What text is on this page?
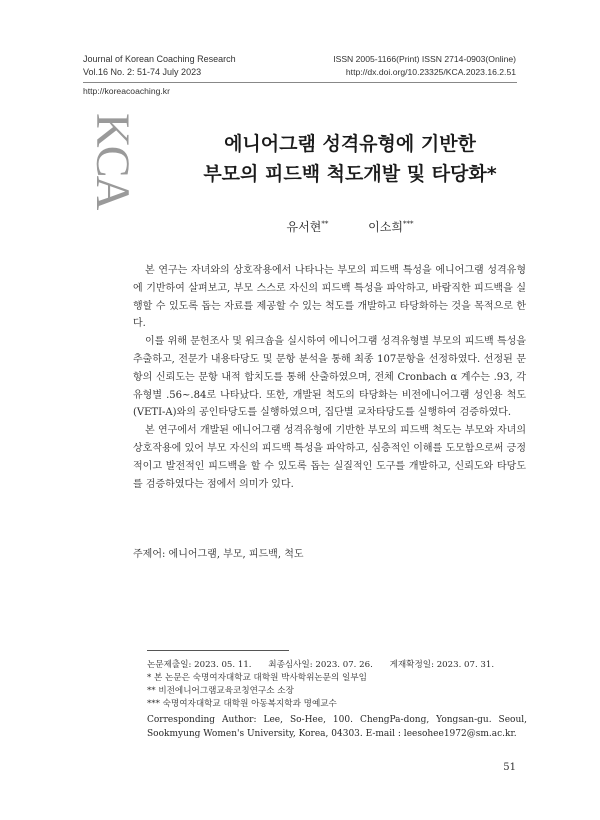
Journal of Korean Coaching Research
Vol.16 No. 2: 51-74 July 2023
ISSN 2005-1166(Print) ISSN 2714-0903(Online)
http://dx.doi.org/10.23325/KCA.2023.16.2.51
http://koreacoaching.kr
KCA	에니어그램 성격유형에 기반한
부모의 피드백 척도개발 및 타당화*
유서현**	이소희***

본 연구는 자녀와의 상호작용에서 나타나는 부모의 피드백 특성을 에니어그램 성격유형에 기반하여 살펴보고, 부모 스스로 자신의 피드백 특성을 파악하고, 바람직한 피드백을 실행할 수 있도록 돕는 자료를 제공할 수 있는 척도를 개발하고 타당화하는 것을 목적으로 한다.

이를 위해 문헌조사 및 워크숍을 실시하여 에니어그램 성격유형별 부모의 피드백 특성을 추출하고, 전문가 내용타당도 및 문항 분석을 통해 최종 107문항을 선정하였다. 선정된 문항의 신뢰도는 문항 내적 합치도를 통해 산출하였으며, 전체 Cronbach α 계수는 .93, 각 유형별 .56~.84로 나타났다. 또한, 개발된 척도의 타당화는 비전에니어그램 성인용 척도(VETI-A)와의 공인타당도를 실행하였으며, 집단별 교차타당도를 실행하여 검증하였다.

본 연구에서 개발된 에니어그램 성격유형에 기반한 부모의 피드백 척도는 부모와 자녀의 상호작용에 있어 부모 자신의 피드백 특성을 파악하고, 심층적인 이해를 도모함으로써 긍정적이고 발전적인 피드백을 할 수 있도록 돕는 실질적인 도구를 개발하고, 신뢰도와 타당도를 검증하였다는 점에서 의미가 있다.

주제어: 에니어그램, 부모, 피드백, 척도
논문제출일: 2023. 05. 11. 최종심사일: 2023. 07. 26. 게재확정일: 2023. 07. 31.
* 본 논문은 숙명여자대학교 대학원 박사학위논문의 일부임
** 비전에니어그램교육코칭연구소 소장
*** 숙명여자대학교 대학원 아동복지학과 명예교수
Corresponding Author: Lee, So-Hee, 100. ChengPa-dong, Yongsan-gu. Seoul, Sookmyung Women's University, Korea, 04303. E-mail : leesohee1972@sm.ac.kr.
51
